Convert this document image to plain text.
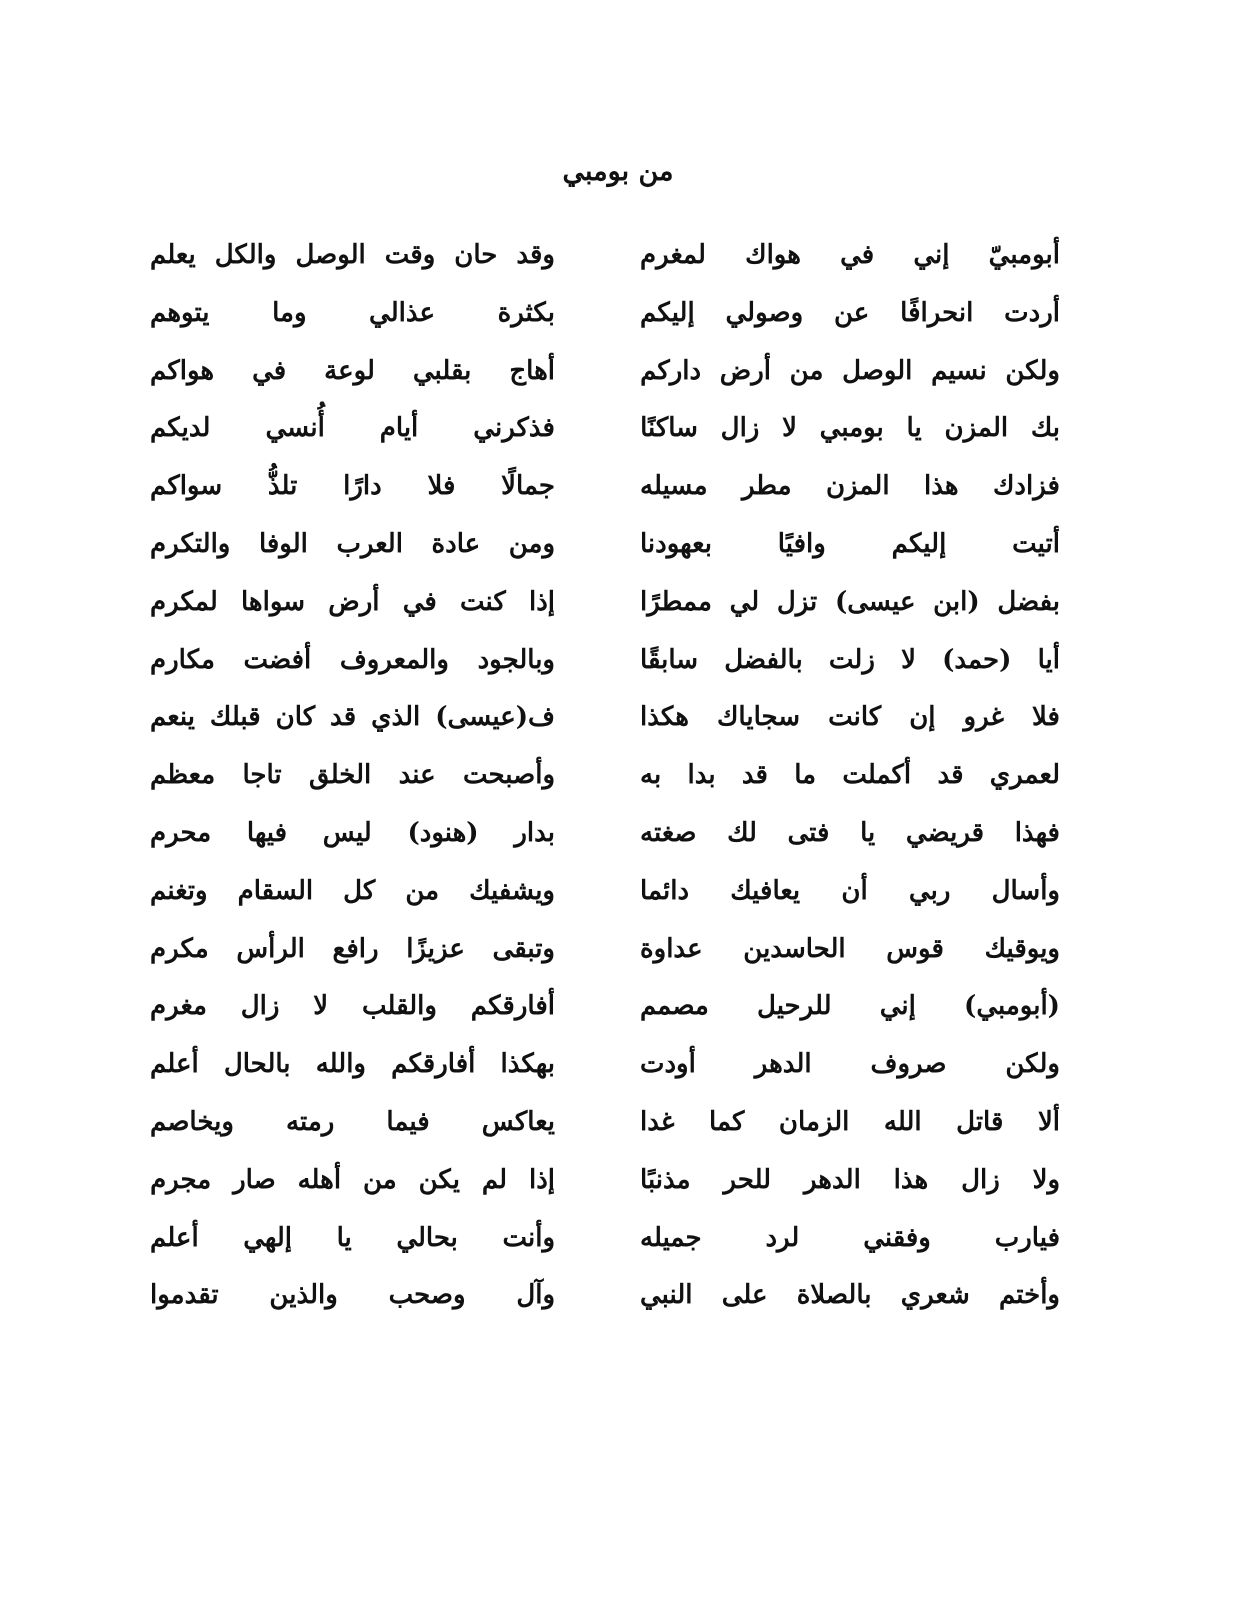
من بومبي
أبومبيّ
إني
في
هواك
لمغرم
وقد
حان
وقت
الوصل
والكل
يعلم
أردت
انحرافًا
عن
وصولي
إليكم
بكثرة
عذالي
وما
يتوهم
ولكن
نسيم
الوصل
من
أرض
داركم
أهاج
بقلبي
لوعة
في
هواكم
بك
المزن
يا
بومبي
لا
زال
ساكنًا
فذكرني
أيام
أُنسي
لديكم
فزادك
هذا
المزن
مطر
مسيله
جمالًا
فلا
دارًا
تلذُّ
سواكم
أتيت
إليكم
وافيًا
بعهودنا
ومن
عادة
العرب
الوفا
والتكرم
بفضل
(ابن
عيسى)
تزل
لي
ممطرًا
إذا
كنت
في
أرض
سواها
لمكرم
أيا
(حمد)
لا
زلت
بالفضل
سابقًا
وبالجود
والمعروف
أفضت
مكارم
فلا
غرو
إن
كانت
سجاياك
هكذا
ف(عيسى)
الذي
قد
كان
قبلك
ينعم
لعمري
قد
أكملت
ما
قد
بدا
به
وأصبحت
عند
الخلق
تاجا
معظم
فهذا
قريضي
يا
فتى
لك
صغته
بدار
(هنود)
ليس
فيها
محرم
وأسال
ربي
أن
يعافيك
دائما
ويشفيك
من
كل
السقام
وتغنم
ويوقيك
قوس
الحاسدين
عداوة
وتبقى
عزيزًا
رافع
الرأس
مكرم
(أبومبي)
إني
للرحيل
مصمم
أفارقكم
والقلب
لا
زال
مغرم
ولكن
صروف
الدهر
أودت
بهكذا
أفارقكم
والله
بالحال
أعلم
ألا
قاتل
الله
الزمان
كما
غدا
يعاكس
فيما
رمته
ويخاصم
ولا
زال
هذا
الدهر
للحر
مذنبًا
إذا
لم
يكن
من
أهله
صار
مجرم
فيارب
وفقني
لرد
جميله
وأنت
بحالي
يا
إلهي
أعلم
وأختم
شعري
بالصلاة
على
النبي
وآل
وصحب
والذين
تقدموا
